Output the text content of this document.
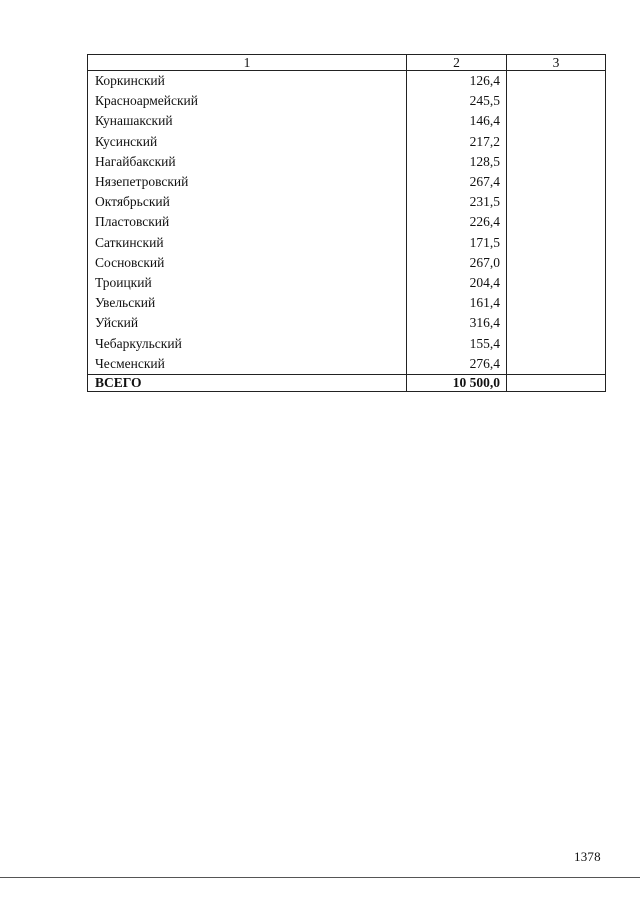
1	2	3
Коркинский	126,4	
Красноармейский	245,5	
Кунашакский	146,4	
Кусинский	217,2	
Нагайбакский	128,5	
Нязепетровский	267,4	
Октябрьский	231,5	
Пластовский	226,4	
Саткинский	171,5	
Сосновский	267,0	
Троицкий	204,4	
Увельский	161,4	
Уйский	316,4	
Чебаркульский	155,4	
Чесменский	276,4	
ВСЕГО	10 500,0	
1378
